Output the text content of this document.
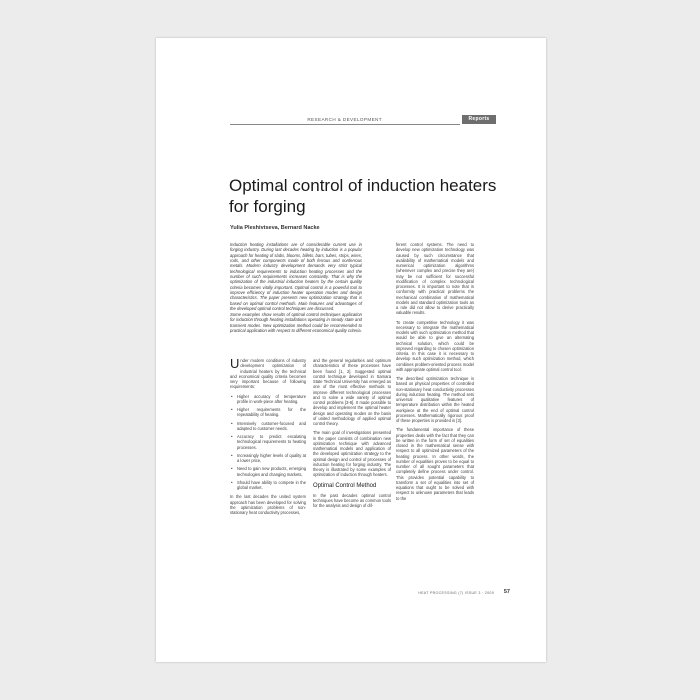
RESEARCH & DEVELOPMENT	Reports
Optimal control of induction heaters for forging
Yulia Pleshivtseva, Bernard Nacke

Induction heating installations are of considerable current use in forging industry. During last decades heating by induction is a popular approach for heating of slabs, blooms, billets, bars, tubes, strips, wires, rods, and other components made of both ferrous and nonferrous metals. Modern industry development demands very strict typical technological requirements to induction heating processes and the number of such requirements increases constantly. That is why the optimization of the industrial induction heaters by the certain quality criteria becomes vitally important. Optimal control is a powerful tool to improve efficiency of induction heater operation modes and design characteristics. The paper presents new optimization strategy that is based on optimal control methods. Main features and advantages of the developed optimal control techniques are discussed.

Some examples show results of optimal control techniques application for induction through heating installations operating in steady state and transient modes. New optimization method could be recommended to practical application with respect to different economical quality criteria.

Under modern conditions of industry development optimization of industrial heaters by the technical and economical quality criteria becomes very important because of following requirements:

• Higher accuracy of temperature profile in work-piece after heating.
• Higher requirements for the repeatability of heating.
• Intensively customer-focused and adapted to customer needs.
• Accuracy to predict escalating technological requirements to heating processes.
• Increasingly higher levels of quality at a lower price,
• Need to gain new products, emerging technologies and changing markets,
• Should have ability to compete in the global market.

In the last decades the united system approach has been developed for solving the optimization problems of non-stationary heat conductivity processes,

and the general regularities and optimum characteristics of these processes have been found [1, 2]. Suggested optimal control technique developed in Samara State Technical University has emerged as one of the most effective methods to improve different technological processes and to solve a wide variety of optimal control problems [3-8]. It made possible to develop and implement the optimal heater design and operating modes on the basis of united methodology of applied optimal control theory.

The main goal of investigations presented in the paper consists of combination new optimization technique with advanced mathematical models and application of the developed optimization strategy to the optimal design and control of processes of induction heating for forging industry. The theory is illustrated by some examples of optimization of induction through heaters.

Optimal Control Method

In the past decades optimal control techniques have become as common tools for the analysis and design of dif-

ferent control systems. The need to develop new optimization technology was caused by such circumstance that availability of mathematical models and numerical optimization algorithms (whenever complex and precise they are) may be not sufficient for successful modification of complex technological processes. It is important to note that in conformity with practical problems the mechanical combination of mathematical models and standard optimization tools as a rule did not allow to derive practically valuable results.

To create competitive technology it was necessary to integrate the mathematical models with such optimization method that would be able to give an alternating technical solution, which could be improved regarding to chosen optimization criteria. In this case it is necessary to develop such optimization method, which combines problem-oriented process model with appropriate optimal control tool.

The described optimization technique is based on physical properties of controlled non-stationary heat conductivity processes during induction heating. The method sets universal qualitative features of temperature distribution within the heated workpiece at the end of optimal control processes. Mathematically rigorous proof of these properties is provided in [3].

The fundamental importance of these properties deals with the fact that they can be written in the form of set of equalities closed in the mathematical sense with respect to all optimized parameters of the heating process. In other words, the number of equalities proves to be equal to number of all sought parameters that completely define process under control. This provides potential capability to transform a set of equalities into set of equations that ought to be solved with respect to unknown parameters that leads to the

HEAT PROCESSING (7) ISSUE 3 · 2009	57
